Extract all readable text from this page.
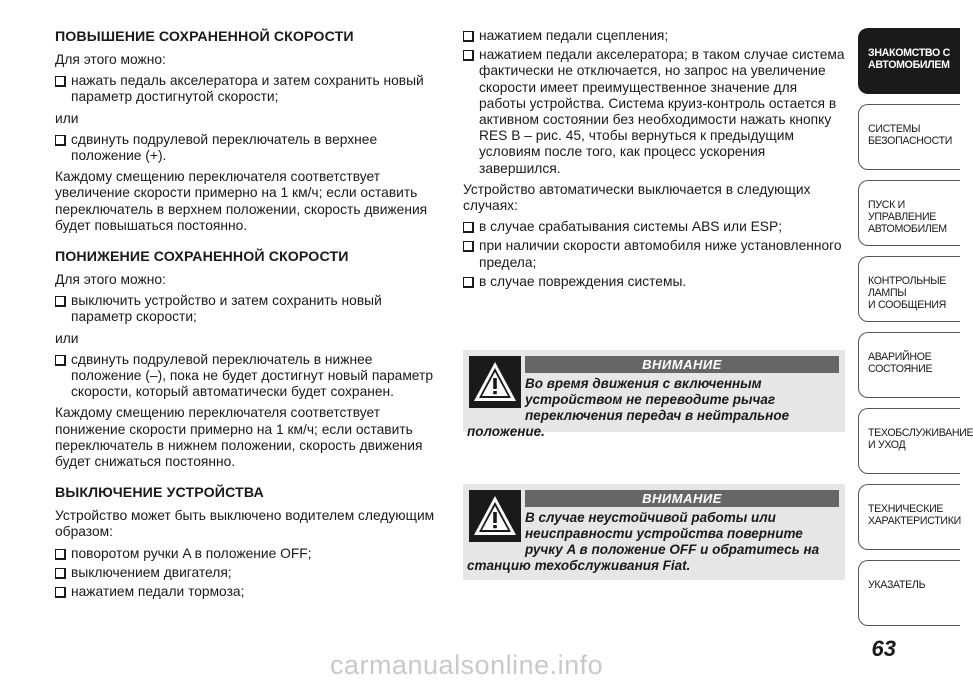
ПОВЫШЕНИЕ СОХРАНЕННОЙ СКОРОСТИ

Для этого можно:

нажать педаль акселератора и затем сохранить новый параметр достигнутой скорости;

или

сдвинуть подрулевой переключатель в верхнее положение (+).

Каждому смещению переключателя соответствует увеличение скорости примерно на 1 км/ч; если оставить переключатель в верхнем положении, скорость движения будет повышаться постоянно.

ПОНИЖЕНИЕ СОХРАНЕННОЙ СКОРОСТИ

Для этого можно:

выключить устройство и затем сохранить новый параметр скорости;

или

сдвинуть подрулевой переключатель в нижнее положение (–), пока не будет достигнут новый параметр скорости, который автоматически будет сохранен.

Каждому смещению переключателя соответствует понижение скорости примерно на 1 км/ч; если оставить переключатель в нижнем положении, скорость движения будет снижаться постоянно.

ВЫКЛЮЧЕНИЕ УСТРОЙСТВА

Устройство может быть выключено водителем следующим образом:

поворотом ручки A в положение OFF;
выключением двигателя;
нажатием педали тормоза;
нажатием педали сцепления;
нажатием педали акселератора; в таком случае система фактически не отключается, но запрос на увеличение скорости имеет преимущественное значение для работы устройства. Система круиз-контроль остается в активном состоянии без необходимости нажать кнопку RES B – рис. 45, чтобы вернуться к предыдущим условиям после того, как процесс ускорения завершился.

Устройство автоматически выключается в следующих случаях:

в случае срабатывания системы ABS или ESP;
при наличии скорости автомобиля ниже установленного предела;
в случае повреждения системы.
ВНИМАНИЕ
Во время движения с включенным устройством не переводите рычаг переключения передач в нейтральное положение.
ВНИМАНИЕ
В случае неустойчивой работы или неисправности устройства поверните ручку A в положение OFF и обратитесь на станцию техобслуживания Fiat.
ЗНАКОМСТВО С
АВТОМОБИЛЕМ
СИСТЕМЫ
БЕЗОПАСНОСТИ
ПУСК И УПРАВЛЕНИЕ
АВТОМОБИЛЕМ
КОНТРОЛЬНЫЕ
ЛАМПЫ
И СООБЩЕНИЯ
АВАРИЙНОЕ
СОСТОЯНИЕ
ТЕХОБСЛУЖИВАНИЕ
И УХОД
ТЕХНИЧЕСКИЕ
ХАРАКТЕРИСТИКИ
УКАЗАТЕЛЬ
63
carmanualsonline.info
